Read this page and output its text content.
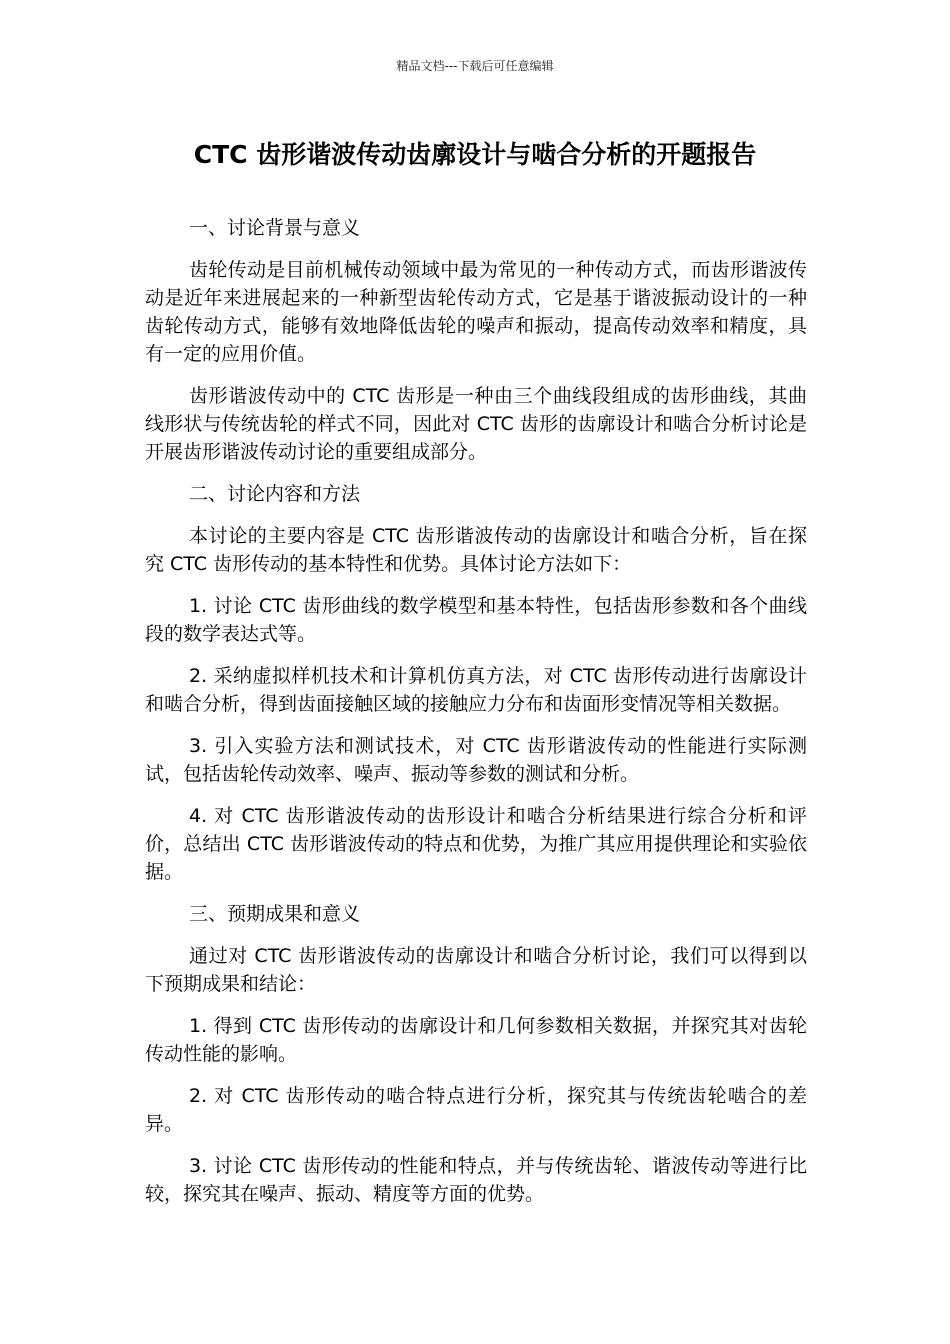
精品文档---下载后可任意编辑
CTC 齿形谐波传动齿廓设计与啮合分析的开题报告

一、讨论背景与意义

齿轮传动是目前机械传动领域中最为常见的一种传动方式，而齿形谐波传动是近年来进展起来的一种新型齿轮传动方式，它是基于谐波振动设计的一种齿轮传动方式，能够有效地降低齿轮的噪声和振动，提高传动效率和精度，具有一定的应用价值。

齿形谐波传动中的 CTC 齿形是一种由三个曲线段组成的齿形曲线，其曲线形状与传统齿轮的样式不同，因此对 CTC 齿形的齿廓设计和啮合分析讨论是开展齿形谐波传动讨论的重要组成部分。

二、讨论内容和方法

本讨论的主要内容是 CTC 齿形谐波传动的齿廓设计和啮合分析，旨在探究 CTC 齿形传动的基本特性和优势。具体讨论方法如下：

1. 讨论 CTC 齿形曲线的数学模型和基本特性，包括齿形参数和各个曲线段的数学表达式等。

2. 采纳虚拟样机技术和计算机仿真方法，对 CTC 齿形传动进行齿廓设计和啮合分析，得到齿面接触区域的接触应力分布和齿面形变情况等相关数据。

3. 引入实验方法和测试技术，对 CTC 齿形谐波传动的性能进行实际测试，包括齿轮传动效率、噪声、振动等参数的测试和分析。

4. 对 CTC 齿形谐波传动的齿形设计和啮合分析结果进行综合分析和评价，总结出 CTC 齿形谐波传动的特点和优势，为推广其应用提供理论和实验依据。

三、预期成果和意义

通过对 CTC 齿形谐波传动的齿廓设计和啮合分析讨论，我们可以得到以下预期成果和结论：

1. 得到 CTC 齿形传动的齿廓设计和几何参数相关数据，并探究其对齿轮传动性能的影响。

2. 对 CTC 齿形传动的啮合特点进行分析，探究其与传统齿轮啮合的差异。

3. 讨论 CTC 齿形传动的性能和特点，并与传统齿轮、谐波传动等进行比较，探究其在噪声、振动、精度等方面的优势。
